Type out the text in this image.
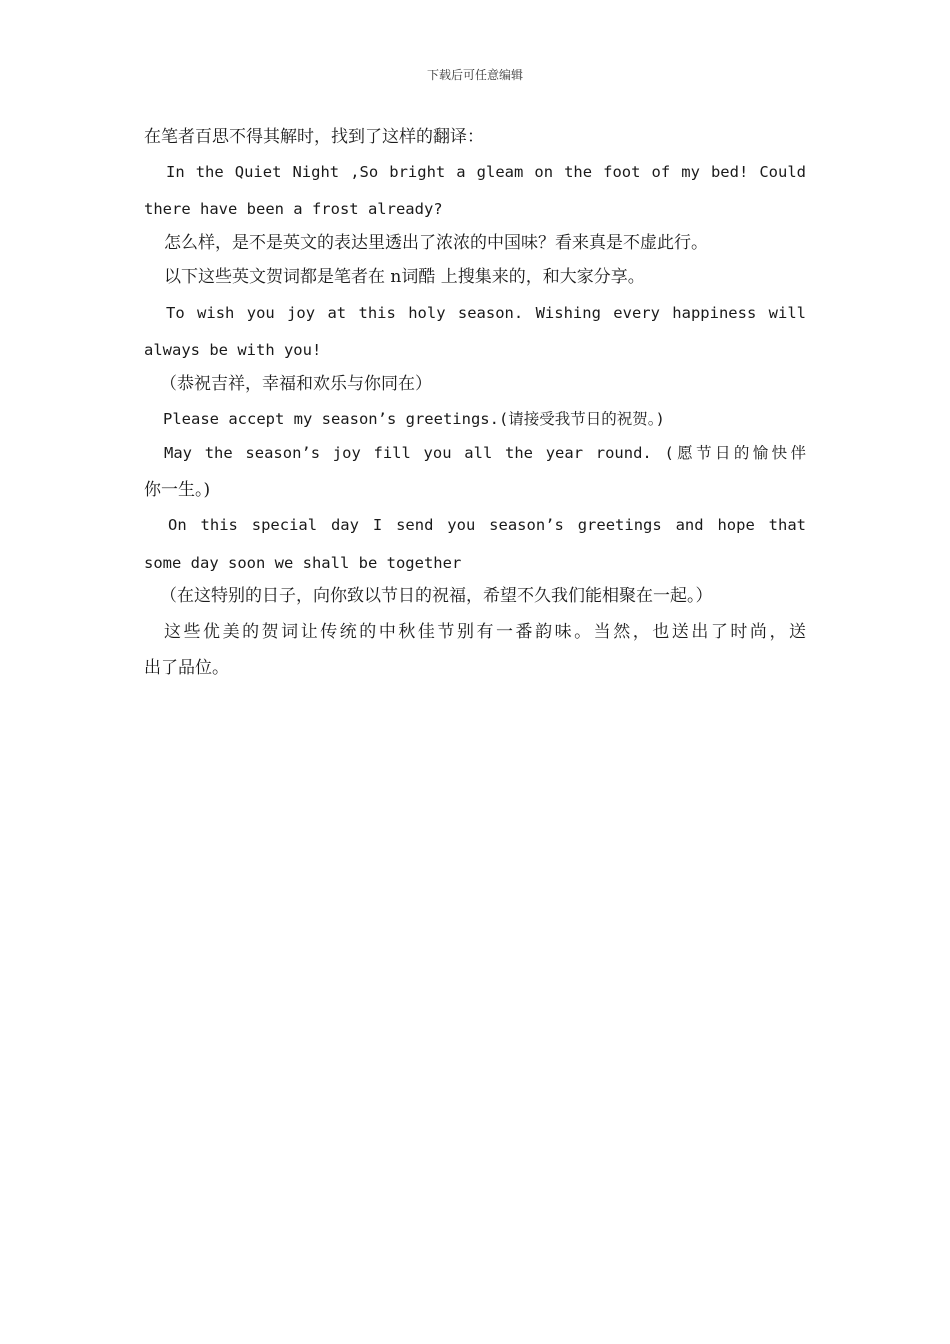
下载后可任意编辑
在笔者百思不得其解时，找到了这样的翻译：
In the Quiet Night ,So bright a gleam on the foot of my bed! Could
there have been a frost already?
怎么样，是不是英文的表达里透出了浓浓的中国味？看来真是不虚此行。
以下这些英文贺词都是笔者在 n词酷 上搜集来的，和大家分享。
To wish you joy at this holy season. Wishing every happiness will
always be with you!
（恭祝吉祥，幸福和欢乐与你同在）
Please accept my season’s greetings.(请接受我节日的祝贺。)
May the season’s joy fill you all the year round. (愿节日的愉快伴
你一生。)
On this special day I send you season’s greetings and hope that
some day soon we shall be together
（在这特别的日子，向你致以节日的祝福，希望不久我们能相聚在一起。）
这些优美的贺词让传统的中秋佳节别有一番韵味。当然，也送出了时尚，送
出了品位。
